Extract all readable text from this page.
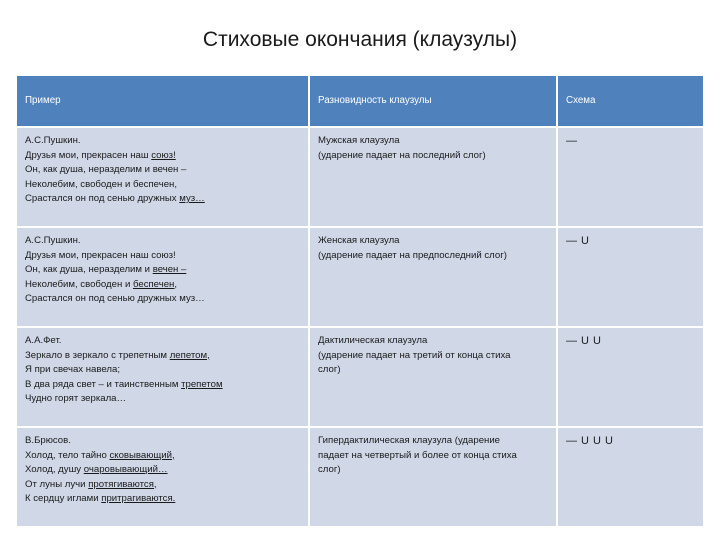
Стиховые окончания (клаузулы)
Пример	Разновидность клаузулы	Схема

А.С.Пушкин.
Друзья мои, прекрасен наш союз!
Он, как душа, неразделим и вечен –
Неколебим, свободен и беспечен,
Срастался он под сенью дружных муз…	Мужская клаузула
(ударение падает на последний слог)	—

А.С.Пушкин.
Друзья мои, прекрасен наш союз!
Он, как душа, неразделим и вечен –
Неколебим, свободен и беспечен,
Срастался он под сенью дружных муз…	Женская клаузула
(ударение падает на предпоследний слог)	— U

А.А.Фет.
Зеркало в зеркало с трепетным лепетом,
Я при свечах навела;
В два ряда свет – и таинственным трепетом
Чудно горят зеркала…	Дактилическая клаузула
(ударение падает на третий от конца стиха
слог)	— U U

В.Брюсов.
Холод, тело тайно сковывающий,
Холод, душу очаровывающий…
От луны лучи протягиваются,
К сердцу иглами притрагиваются.	Гипердактилическая клаузула (ударение
падает на четвертый и более от конца стиха
слог)	— U U U
